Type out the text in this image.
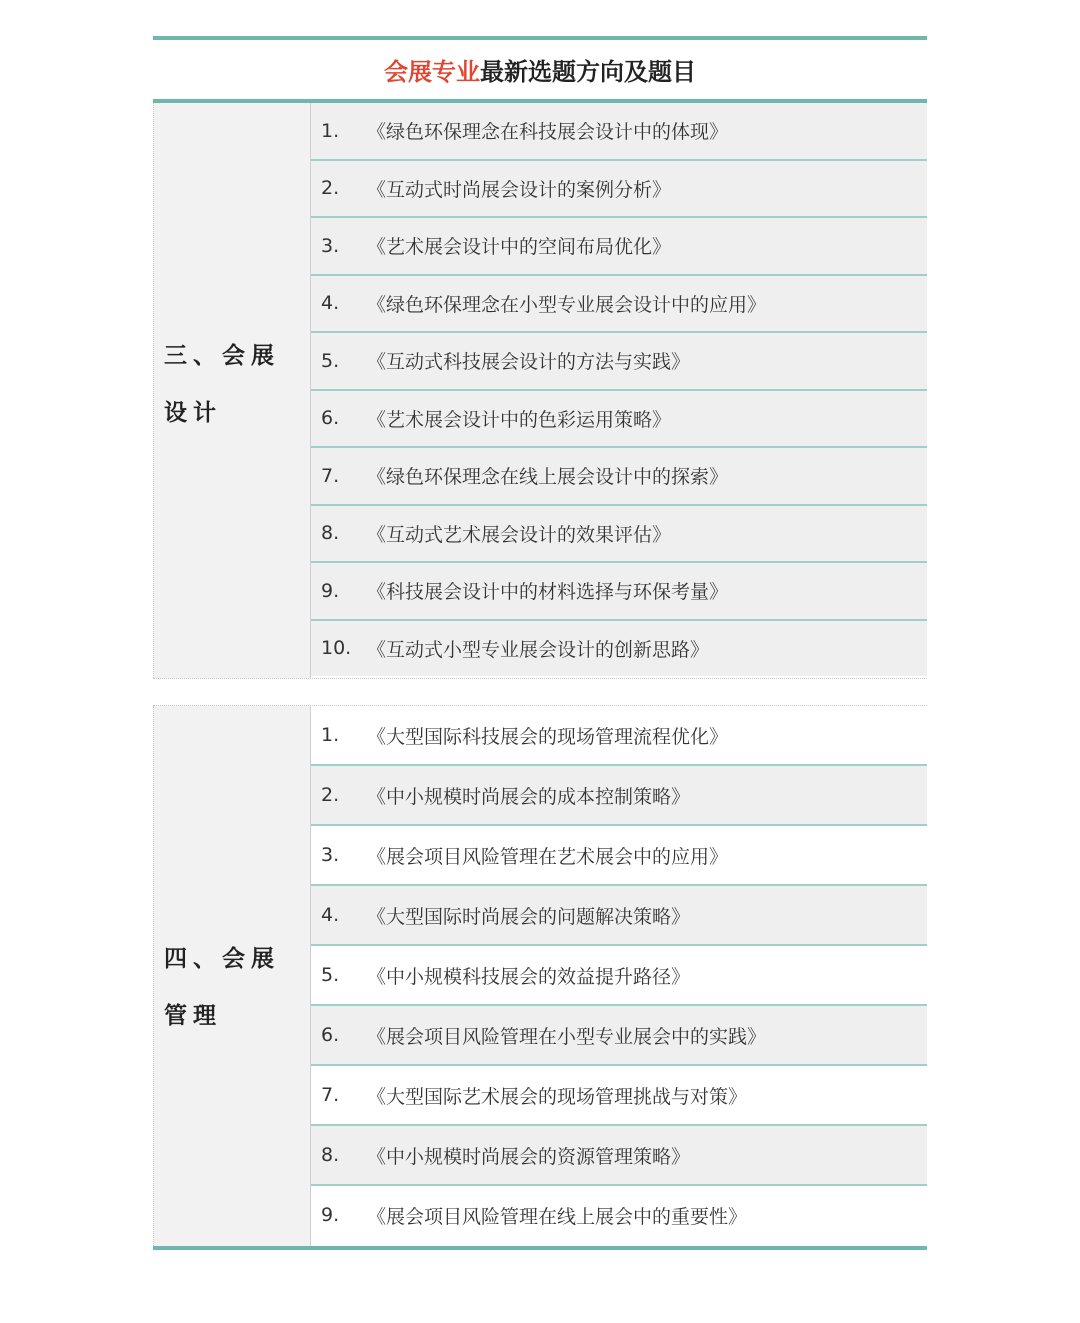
会展专业 最新选题方向及题目
三、会展设计
1.	《绿色环保理念在科技展会设计中的体现》
2.	《互动式时尚展会设计的案例分析》
3.	《艺术展会设计中的空间布局优化》
4.	《绿色环保理念在小型专业展会设计中的应用》
5.	《互动式科技展会设计的方法与实践》
6.	《艺术展会设计中的色彩运用策略》
7.	《绿色环保理念在线上展会设计中的探索》
8.	《互动式艺术展会设计的效果评估》
9.	《科技展会设计中的材料选择与环保考量》
10. 《互动式小型专业展会设计的创新思路》
四、会展管理
1.	《大型国际科技展会的现场管理流程优化》
2.	《中小规模时尚展会的成本控制策略》
3.	《展会项目风险管理在艺术展会中的应用》
4.	《大型国际时尚展会的问题解决策略》
5.	《中小规模科技展会的效益提升路径》
6.	《展会项目风险管理在小型专业展会中的实践》
7.	《大型国际艺术展会的现场管理挑战与对策》
8.	《中小规模时尚展会的资源管理策略》
9.	《展会项目风险管理在线上展会中的重要性》
